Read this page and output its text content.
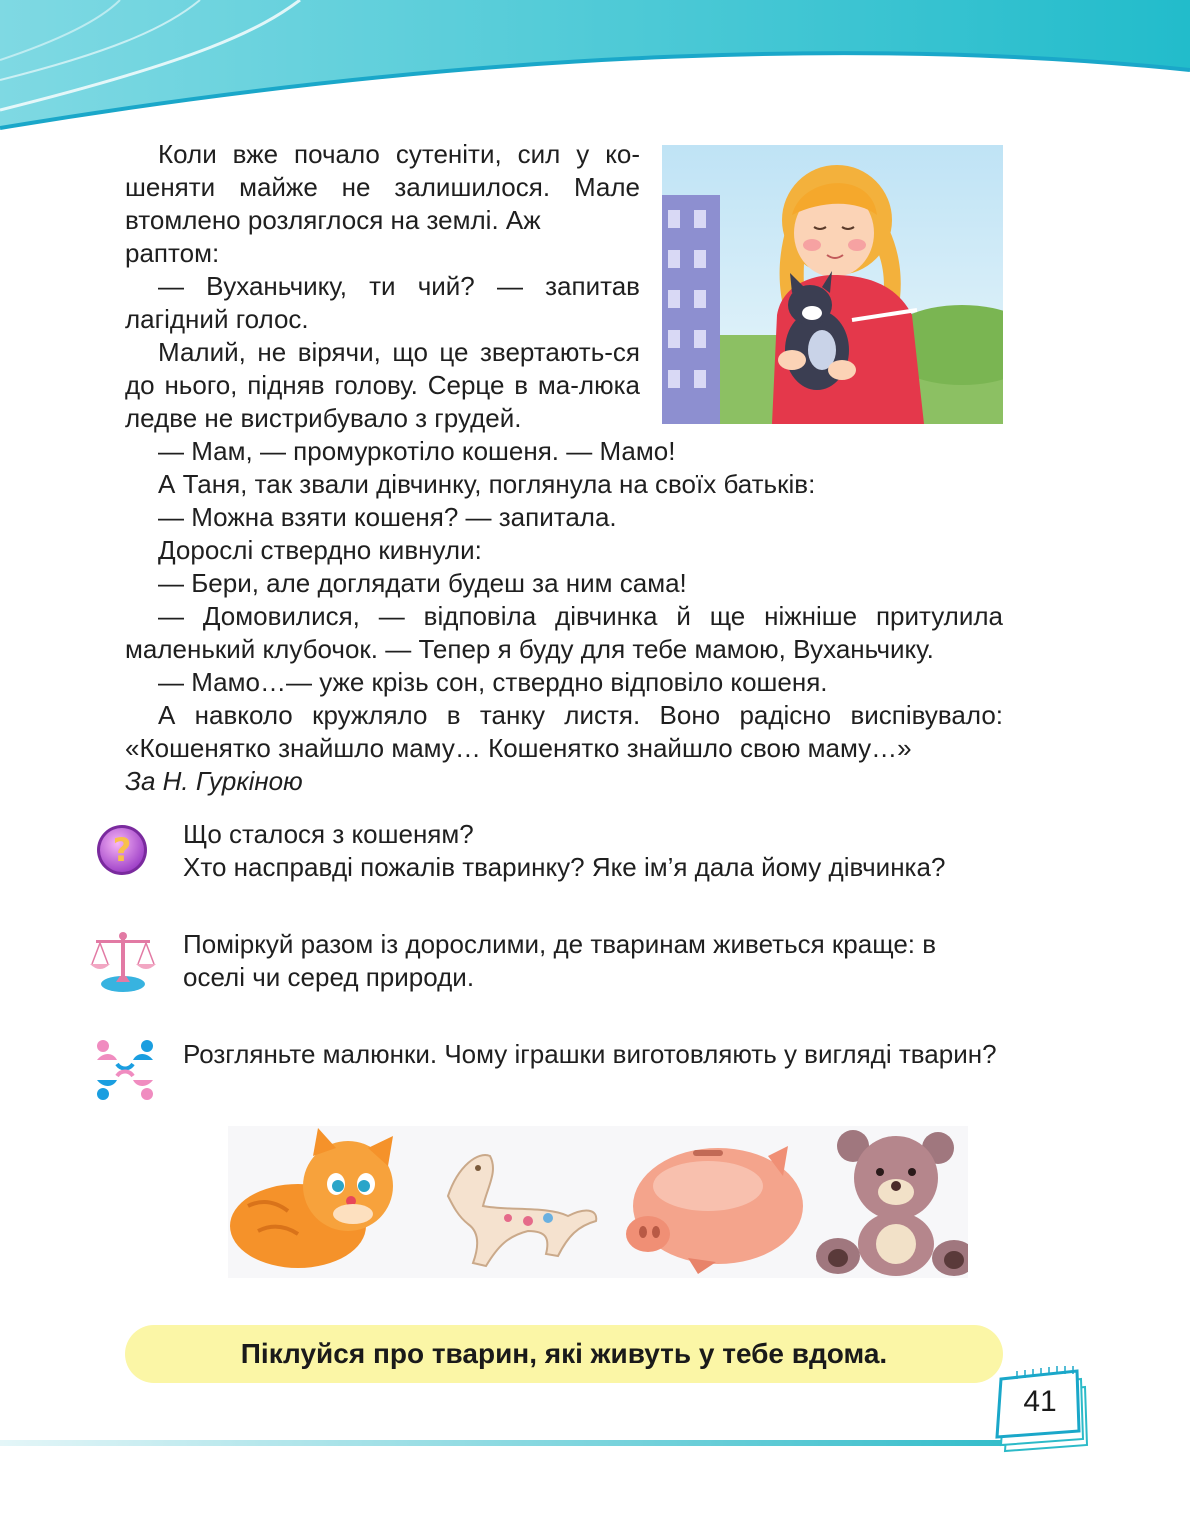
Коли вже почало сутеніти, сил у ко-шеняти майже не залишилося. Мале втомлено розляглося на землі. Аж

раптом:

— Вуханьчику, ти чий? — запитав лагідний голос.

Малий, не вірячи, що це звертають-ся до нього, підняв голову. Серце в ма-люка ледве не вистрибувало з грудей.

— Мам, — промуркотіло кошеня. — Мамо!

А Таня, так звали дівчинку, поглянула на своїх батьків:

— Можна взяти кошеня? — запитала.

Дорослі ствердно кивнули:

— Бери, але доглядати будеш за ним сама!

— Домовилися, — відповіла дівчинка й ще ніжніше притулила маленький клубочок. — Тепер я буду для тебе мамою, Вуханьчику.

— Мамо…— уже крізь сон, ствердно відповіло кошеня.

А навколо кружляло в танку листя. Воно радісно виспівувало: «Кошенятко знайшло маму… Кошенятко знайшло свою маму…»

За Н. Гуркіною

? Що сталося з кошеням?

Хто насправді пожалів тваринку? Яке ім’я дала йому дівчинка?

Поміркуй разом із дорослими, де тваринам живеться краще: в оселі чи серед природи.

Розгляньте малюнки. Чому іграшки виготовляють у вигляді тварин?

Піклуйся про тварин, які живуть у тебе вдома.
41
